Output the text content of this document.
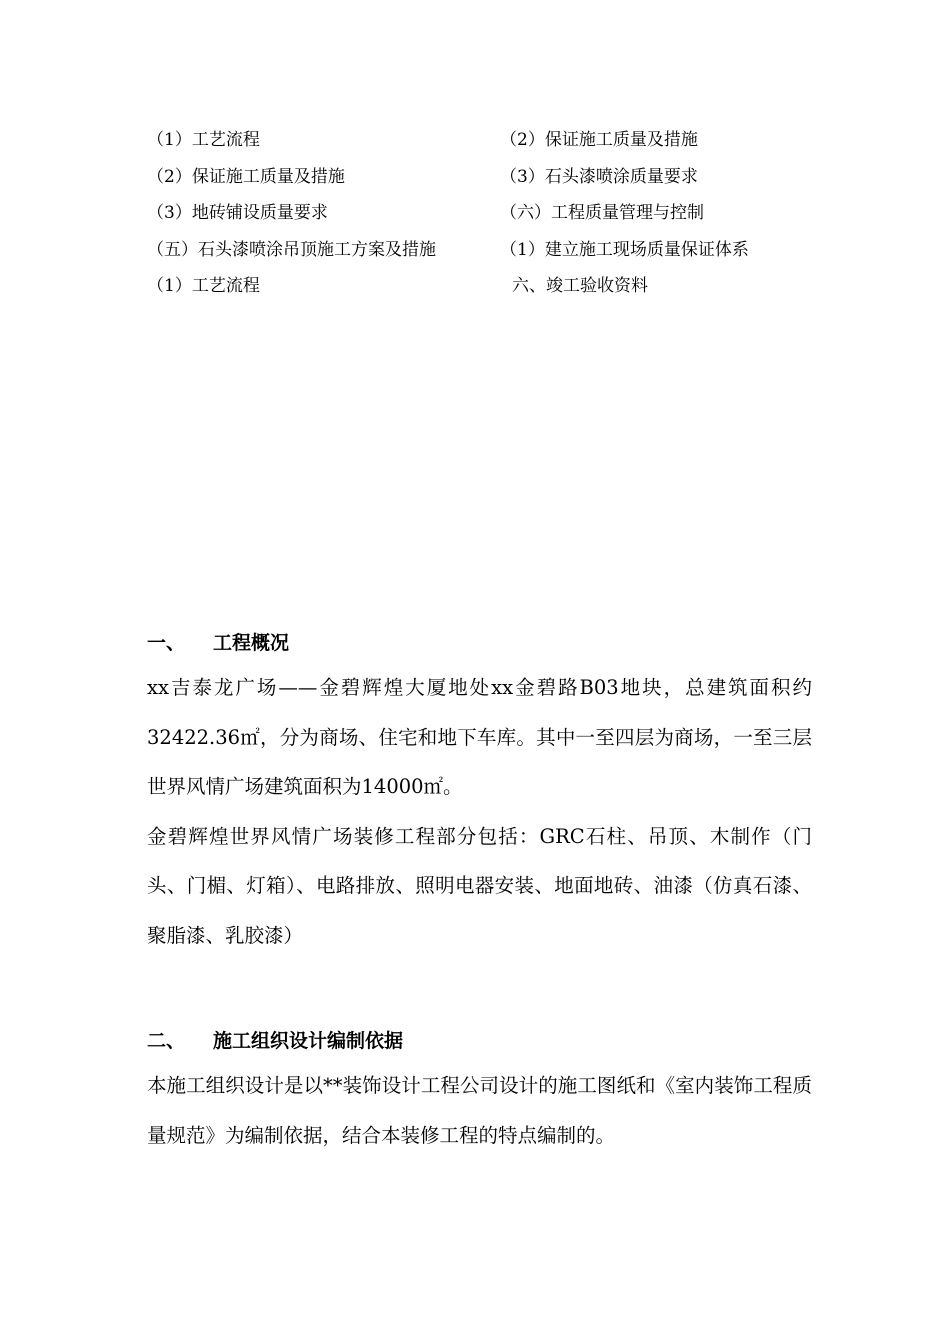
（1）工艺流程
（2）保证施工质量及措施
（3）地砖铺设质量要求
（五）石头漆喷涂吊顶施工方案及措施
（1）工艺流程
（2）保证施工质量及措施
（3）石头漆喷涂质量要求
（六）工程质量管理与控制
（1）建立施工现场质量保证体系
六、竣工验收资料
一、 工程概况

xx吉泰龙广场——金碧辉煌大厦地处xx金碧路B03地块，总建筑面积约32422.36㎡，分为商场、住宅和地下车库。其中一至四层为商场，一至三层世界风情广场建筑面积为14000㎡。

金碧辉煌世界风情广场装修工程部分包括：GRC石柱、吊顶、木制作（门头、门楣、灯箱）、电路排放、照明电器安装、地面地砖、油漆（仿真石漆、聚脂漆、乳胶漆）

二、 施工组织设计编制依据

本施工组织设计是以**装饰设计工程公司设计的施工图纸和《室内装饰工程质量规范》为编制依据，结合本装修工程的特点编制的。
